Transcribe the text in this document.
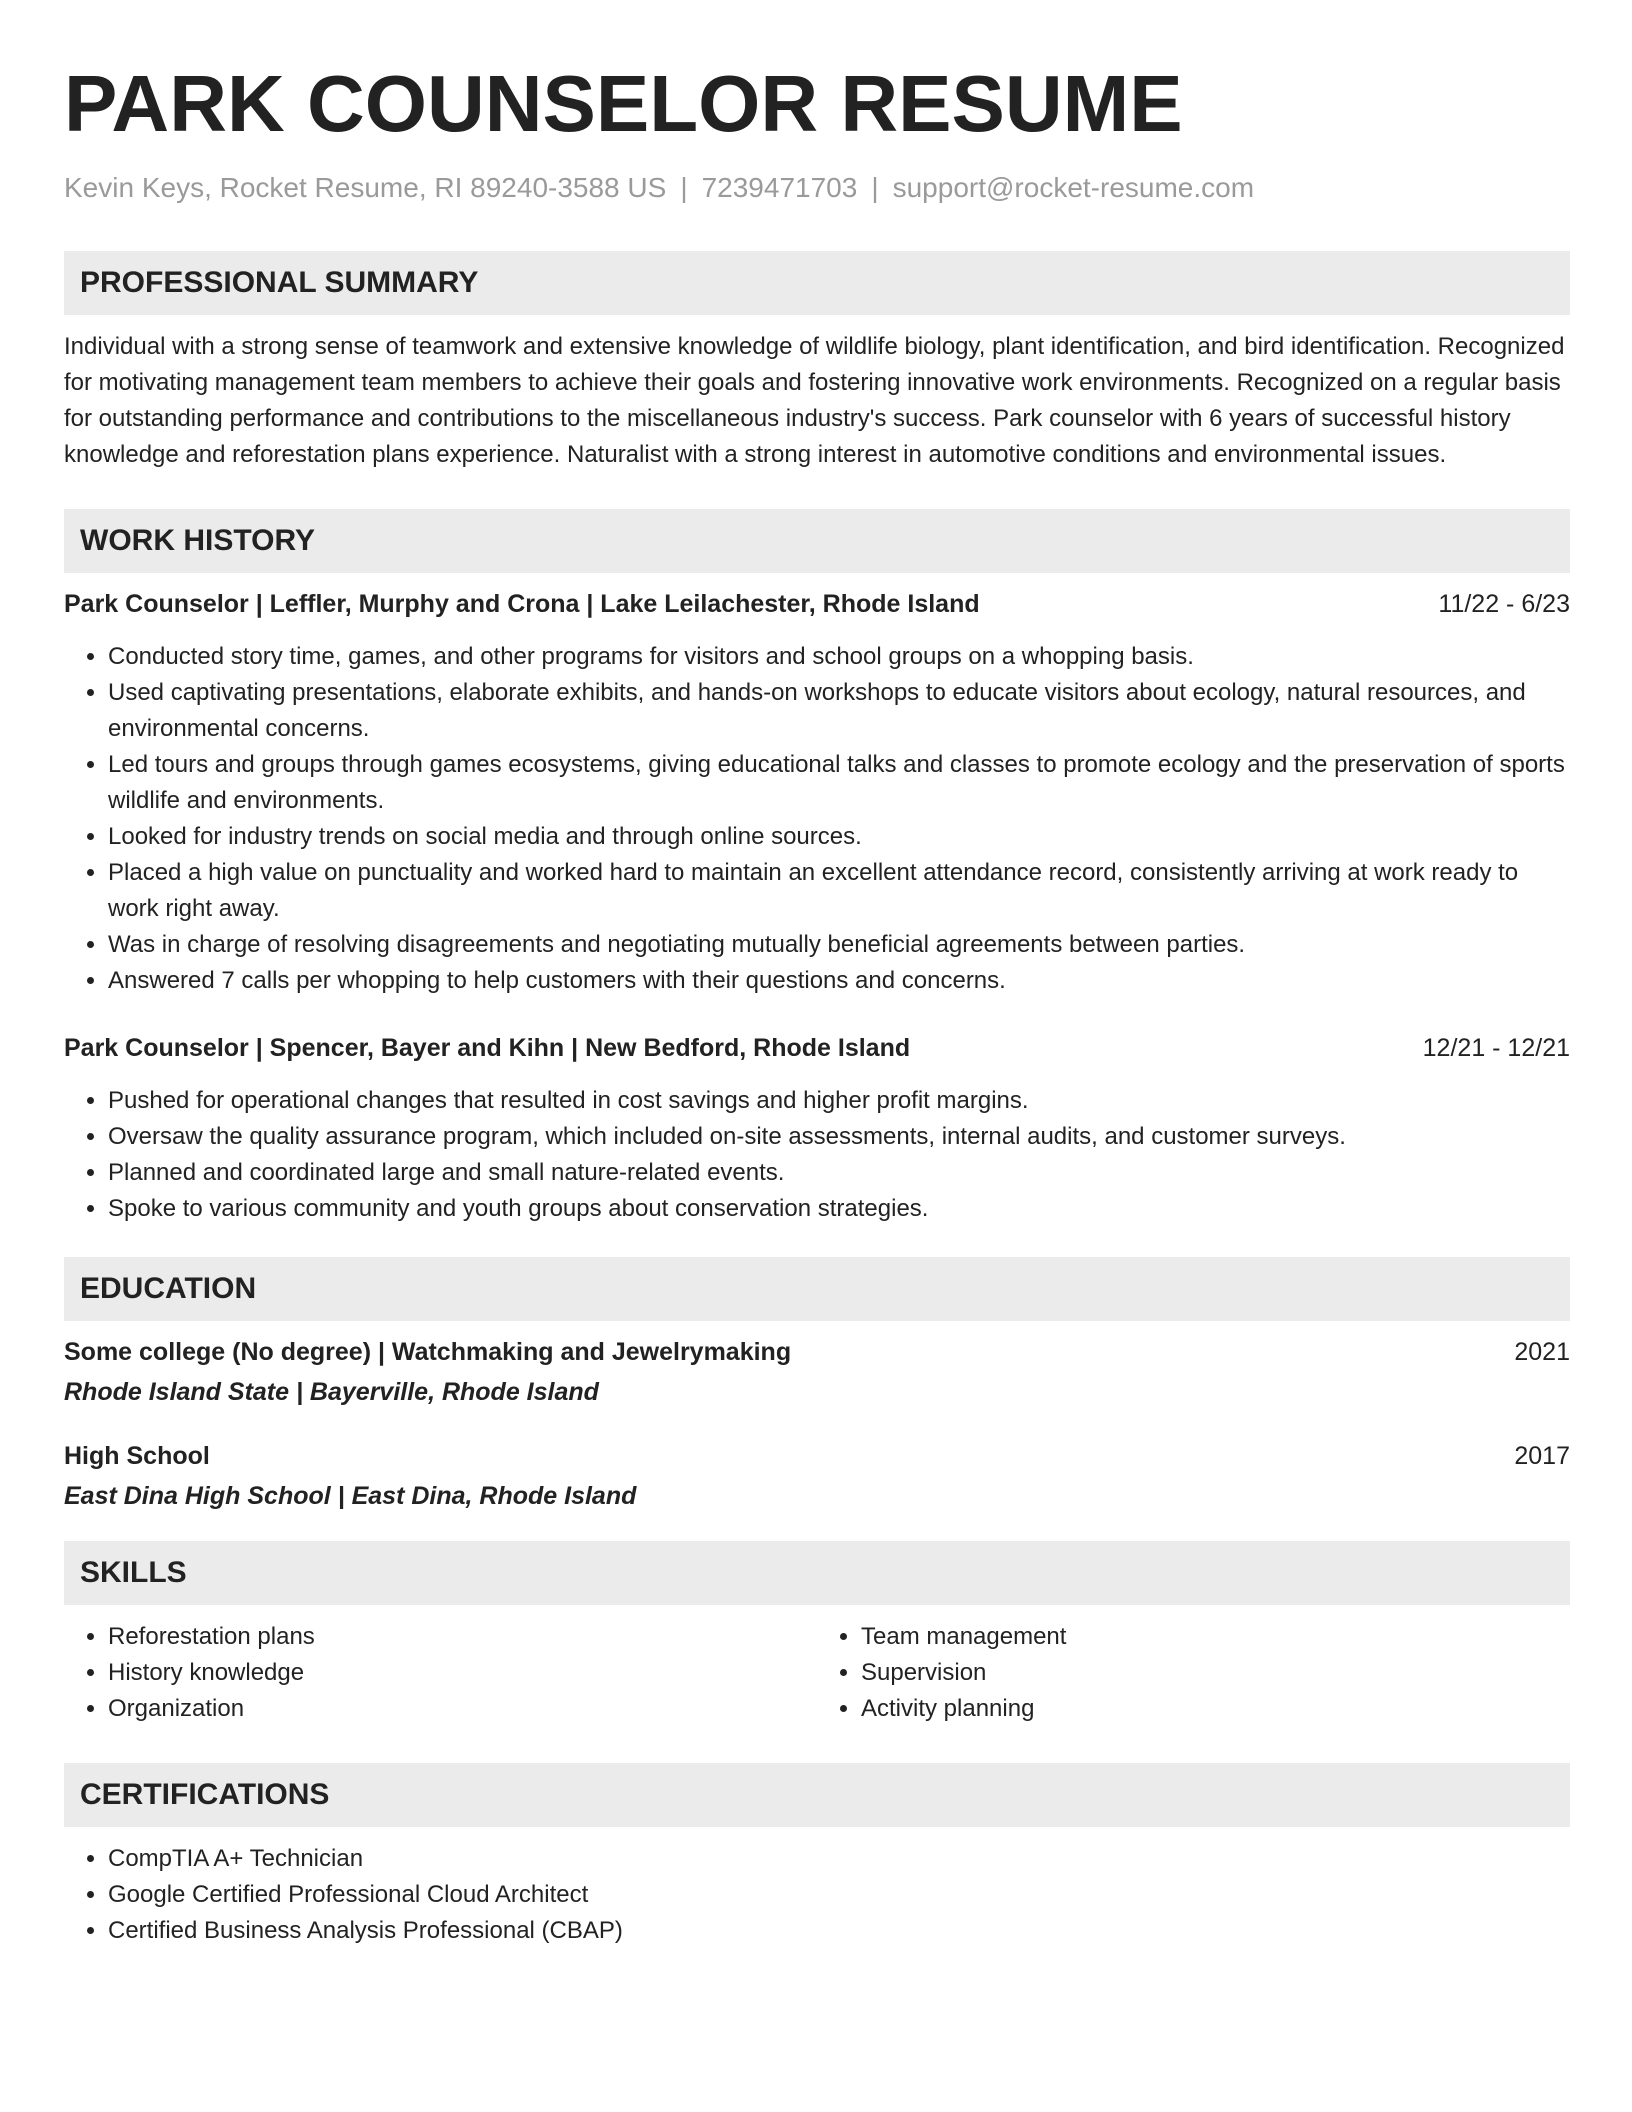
PARK COUNSELOR RESUME
Kevin Keys, Rocket Resume, RI 89240-3588 US | 7239471703 | support@rocket-resume.com
PROFESSIONAL SUMMARY

Individual with a strong sense of teamwork and extensive knowledge of wildlife biology, plant identification, and bird identification. Recognized for motivating management team members to achieve their goals and fostering innovative work environments. Recognized on a regular basis for outstanding performance and contributions to the miscellaneous industry's success. Park counselor with 6 years of successful history knowledge and reforestation plans experience. Naturalist with a strong interest in automotive conditions and environmental issues.

WORK HISTORY
Park Counselor | Leffler, Murphy and Crona | Lake Leilachester, Rhode Island	11/22 - 6/23
• Conducted story time, games, and other programs for visitors and school groups on a whopping basis.
• Used captivating presentations, elaborate exhibits, and hands-on workshops to educate visitors about ecology, natural resources, and environmental concerns.
• Led tours and groups through games ecosystems, giving educational talks and classes to promote ecology and the preservation of sports wildlife and environments.
• Looked for industry trends on social media and through online sources.
• Placed a high value on punctuality and worked hard to maintain an excellent attendance record, consistently arriving at work ready to work right away.
• Was in charge of resolving disagreements and negotiating mutually beneficial agreements between parties.
• Answered 7 calls per whopping to help customers with their questions and concerns.
Park Counselor | Spencer, Bayer and Kihn | New Bedford, Rhode Island	12/21 - 12/21
• Pushed for operational changes that resulted in cost savings and higher profit margins.
• Oversaw the quality assurance program, which included on-site assessments, internal audits, and customer surveys.
• Planned and coordinated large and small nature-related events.
• Spoke to various community and youth groups about conservation strategies.
EDUCATION
Some college (No degree) | Watchmaking and Jewelrymaking	2021
Rhode Island State | Bayerville, Rhode Island
High School	2017
East Dina High School | East Dina, Rhode Island
SKILLS
• Reforestation plans
• History knowledge
• Organization
• Team management
• Supervision
• Activity planning
CERTIFICATIONS
• CompTIA A+ Technician
• Google Certified Professional Cloud Architect
• Certified Business Analysis Professional (CBAP)
